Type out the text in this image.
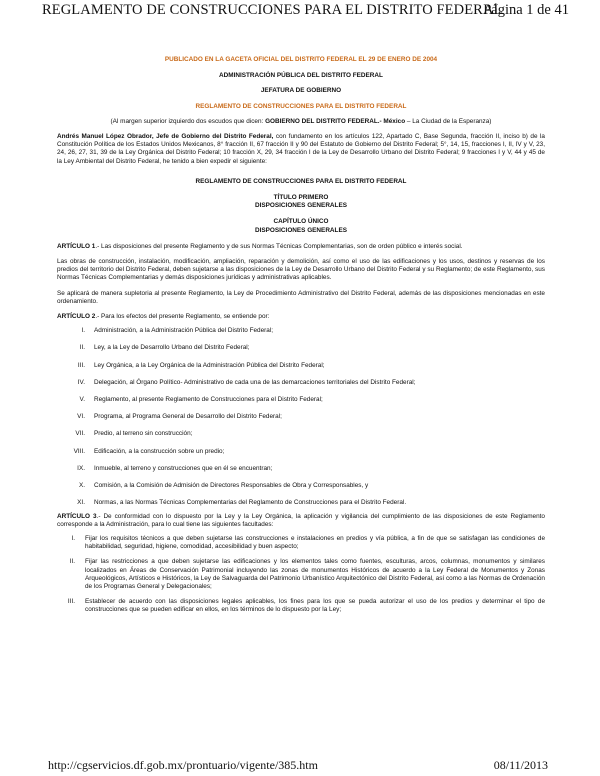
REGLAMENTO DE CONSTRUCCIONES PARA EL DISTRITO FEDERAL
Página 1 de 41
PUBLICADO EN LA GACETA OFICIAL DEL DISTRITO FEDERAL EL 29 DE ENERO DE 2004
ADMINISTRACIÓN PÚBLICA DEL DISTRITO FEDERAL
JEFATURA DE GOBIERNO
REGLAMENTO DE CONSTRUCCIONES PARA EL DISTRITO FEDERAL

(Al margen superior izquierdo dos escudos que dicen: GOBIERNO DEL DISTRITO FEDERAL.- México – La Ciudad de la Esperanza)

Andrés Manuel López Obrador, Jefe de Gobierno del Distrito Federal, con fundamento en los artículos 122, Apartado C, Base Segunda, fracción II, inciso b) de la Constitución Política de los Estados Unidos Mexicanos, 8° fracción II, 67 fracción II y 90 del Estatuto de Gobierno del Distrito Federal; 5°, 14, 15, fracciones I, II, IV y V, 23, 24, 26, 27, 31, 39 de la Ley Orgánica del Distrito Federal; 10 fracción X, 29, 34 fracción I de la Ley de Desarrollo Urbano del Distrito Federal; 9 fracciones I y V, 44 y 45 de la Ley Ambiental del Distrito Federal, he tenido a bien expedir el siguiente:

REGLAMENTO DE CONSTRUCCIONES PARA EL DISTRITO FEDERAL
TÍTULO PRIMERO
DISPOSICIONES GENERALES
CAPÍTULO ÚNICO
DISPOSICIONES GENERALES

ARTÍCULO 1.- Las disposiciones del presente Reglamento y de sus Normas Técnicas Complementarias, son de orden público e interés social.

Las obras de construcción, instalación, modificación, ampliación, reparación y demolición, así como el uso de las edificaciones y los usos, destinos y reservas de los predios del territorio del Distrito Federal, deben sujetarse a las disposiciones de la Ley de Desarrollo Urbano del Distrito Federal y su Reglamento; de este Reglamento, sus Normas Técnicas Complementarias y demás disposiciones jurídicas y administrativas aplicables.

Se aplicará de manera supletoria al presente Reglamento, la Ley de Procedimiento Administrativo del Distrito Federal, además de las disposiciones mencionadas en este ordenamiento.

ARTÍCULO 2.- Para los efectos del presente Reglamento, se entiende por:

I. Administración, a la Administración Pública del Distrito Federal;

II. Ley, a la Ley de Desarrollo Urbano del Distrito Federal;

III. Ley Orgánica, a la Ley Orgánica de la Administración Pública del Distrito Federal;

IV. Delegación, al Órgano Político- Administrativo de cada una de las demarcaciones territoriales del Distrito Federal;

V. Reglamento, al presente Reglamento de Construcciones para el Distrito Federal;

VI. Programa, al Programa General de Desarrollo del Distrito Federal;

VII. Predio, al terreno sin construcción;

VIII. Edificación, a la construcción sobre un predio;

IX. Inmueble, al terreno y construcciones que en él se encuentran;

X. Comisión, a la Comisión de Admisión de Directores Responsables de Obra y Corresponsables, y

XI. Normas, a las Normas Técnicas Complementarias del Reglamento de Construcciones para el Distrito Federal.

ARTÍCULO 3.- De conformidad con lo dispuesto por la Ley y la Ley Orgánica, la aplicación y vigilancia del cumplimiento de las disposiciones de este Reglamento corresponde a la Administración, para lo cual tiene las siguientes facultades:

I. Fijar los requisitos técnicos a que deben sujetarse las construcciones e instalaciones en predios y vía pública, a fin de que se satisfagan las condiciones de habitabilidad, seguridad, higiene, comodidad, accesibilidad y buen aspecto;

II. Fijar las restricciones a que deben sujetarse las edificaciones y los elementos tales como fuentes, esculturas, arcos, columnas, monumentos y similares localizados en Áreas de Conservación Patrimonial incluyendo las zonas de monumentos Históricos de acuerdo a la Ley Federal de Monumentos y Zonas Arqueológicos, Artísticos e Históricos, la Ley de Salvaguarda del Patrimonio Urbanístico Arquitectónico del Distrito Federal, así como a las Normas de Ordenación de los Programas General y Delegacionales;

III. Establecer de acuerdo con las disposiciones legales aplicables, los fines para los que se pueda autorizar el uso de los predios y determinar el tipo de construcciones que se pueden edificar en ellos, en los términos de lo dispuesto por la Ley;

http://cgservicios.df.gob.mx/prontuario/vigente/385.htm	08/11/2013
